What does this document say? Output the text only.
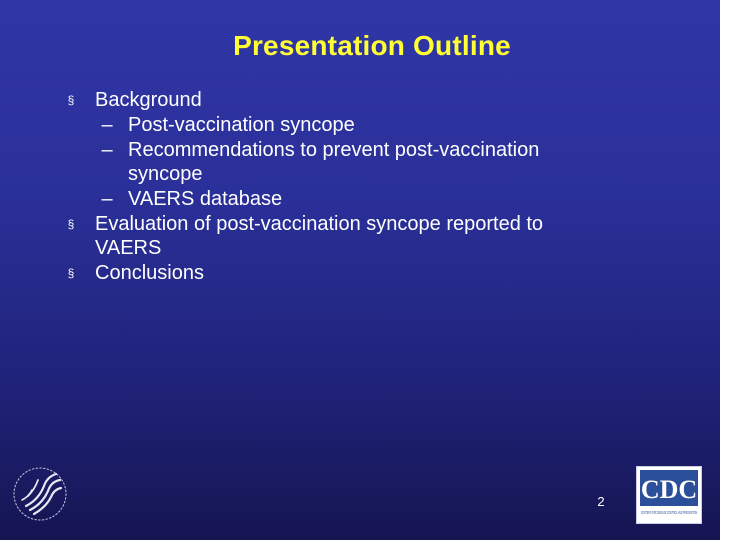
Presentation Outline
§ Background
– Post-vaccination syncope
– Recommendations to prevent post-vaccination
syncope
– VAERS database
§ Evaluation of post-vaccination syncope reported to
VAERS
§ Conclusions
2 CDC
CENTERS FOR DISEASE CONTROL AND PREVENTION
